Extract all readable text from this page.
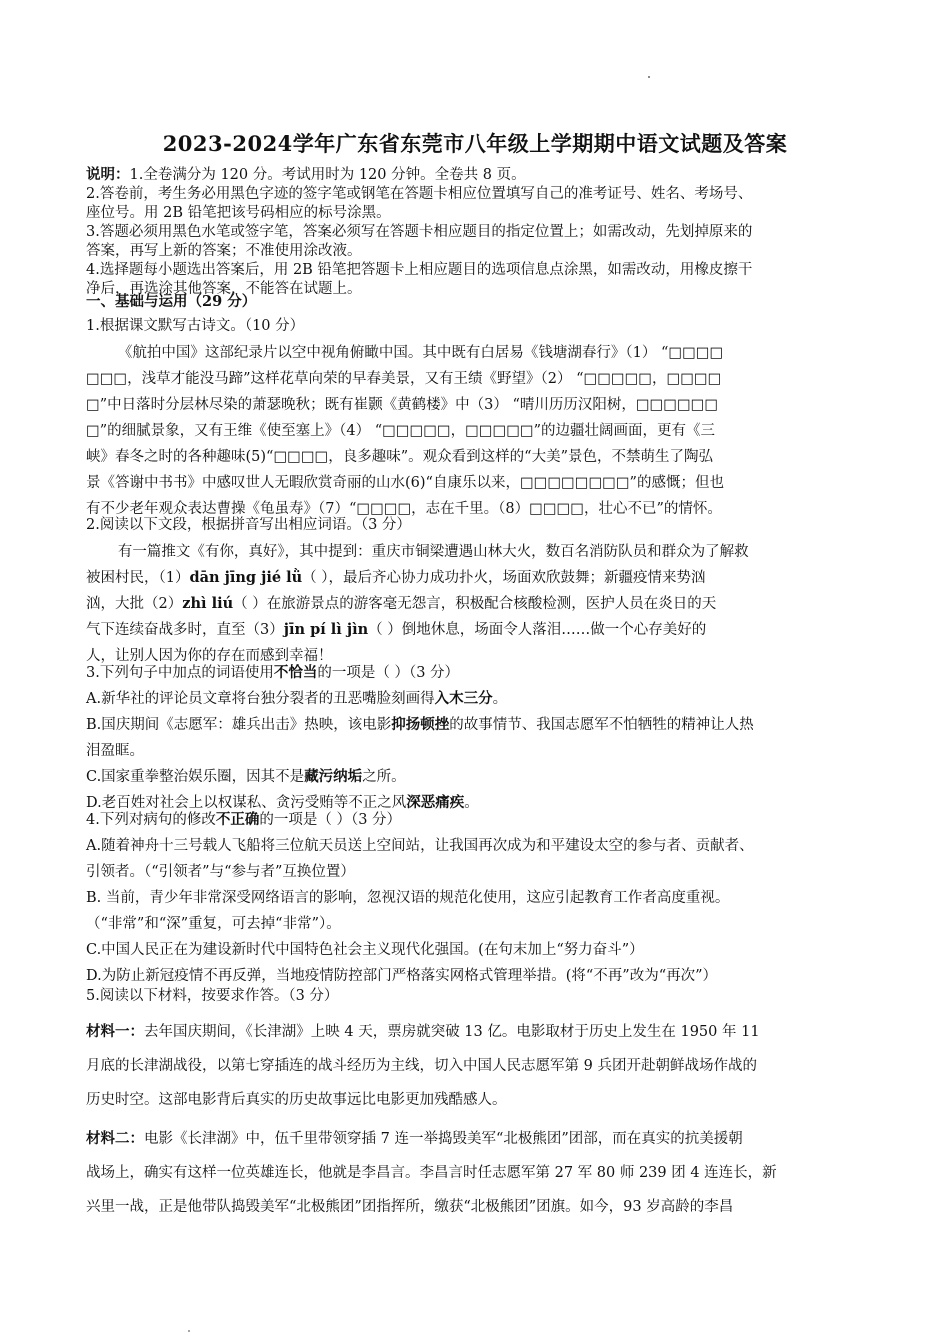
2023-2024学年广东省东莞市八年级上学期期中语文试题及答案
说明：1.全卷满分为 120 分。考试用时为 120 分钟。全卷共 8 页。
2.答卷前，考生务必用黑色字迹的签字笔或钢笔在答题卡相应位置填写自己的准考证号、姓名、考场号、
座位号。用 2B 铅笔把该号码相应的标号涂黑。
3.答题必须用黑色水笔或签字笔，答案必须写在答题卡相应题目的指定位置上；如需改动，先划掉原来的
答案，再写上新的答案；不准使用涂改液。
4.选择题每小题选出答案后，用 2B 铅笔把答题卡上相应题目的选项信息点涂黑，如需改动，用橡皮擦干
净后，再选涂其他答案，不能答在试题上。
一、基础与运用（29 分）
1.根据课文默写古诗文。（10 分）
《航拍中国》这部纪录片以空中视角俯瞰中国。其中既有白居易《钱塘湖春行》（1） “□□□□
□□□，浅草才能没马蹄”这样花草向荣的早春美景，又有王绩《野望》（2） “□□□□□，□□□□
□”中日落时分层林尽染的萧瑟晚秋；既有崔颢《黄鹤楼》中（3） “晴川历历汉阳树，□□□□□□
□”的细腻景象，又有王维《使至塞上》（4） “□□□□□，□□□□□”的边疆壮阔画面，更有《三
峡》春冬之时的各种趣味(5)“□□□□，良多趣味”。观众看到这样的“大美”景色，不禁萌生了陶弘
景《答谢中书书》中感叹世人无暇欣赏奇丽的山水(6)“自康乐以来，□□□□□□□□”的感慨；但也
有不少老年观众表达曹操《龟虽寿》（7）“□□□□，志在千里。（8）□□□□，壮心不已”的情怀。
2.阅读以下文段，根据拼音写出相应词语。（3 分）
有一篇推文《有你，真好》，其中提到：重庆市铜梁遭遇山林大火，数百名消防队员和群众为了解救
被困村民，（1）dān jīng jié lǜ（ ），最后齐心协力成功扑火，场面欢欣鼓舞；新疆疫情来势汹
汹，大批（2）zhì liú（ ）在旅游景点的游客毫无怨言，积极配合核酸检测，医护人员在炎日的天
气下连续奋战多时，直至（3）jīn pí lì jìn（ ）倒地休息，场面令人落泪……做一个心存美好的
人，让别人因为你的存在而感到幸福！
3.下列句子中加点的词语使用不恰当的一项是（ ）（3 分）
A.新华社的评论员文章将台独分裂者的丑恶嘴脸刻画得入木三分。
B.国庆期间《志愿军：雄兵出击》热映，该电影抑扬顿挫的故事情节、我国志愿军不怕牺牲的精神让人热
泪盈眶。
C.国家重拳整治娱乐圈，因其不是藏污纳垢之所。
D.老百姓对社会上以权谋私、贪污受贿等不正之风深恶痛疾。
4.下列对病句的修改不正确的一项是（ ）（3 分）
A.随着神舟十三号载人飞船将三位航天员送上空间站，让我国再次成为和平建设太空的参与者、贡献者、
引领者。（“引领者”与“参与者”互换位置）
B. 当前，青少年非常深受网络语言的影响，忽视汉语的规范化使用，这应引起教育工作者高度重视。
（“非常”和“深”重复，可去掉“非常”）。
C.中国人民正在为建设新时代中国特色社会主义现代化强国。(在句末加上“努力奋斗”）
D.为防止新冠疫情不再反弹，当地疫情防控部门严格落实网格式管理举措。(将“不再”改为“再次”）
5.阅读以下材料，按要求作答。（3 分）
材料一：去年国庆期间，《长津湖》上映 4 天，票房就突破 13 亿。电影取材于历史上发生在 1950 年 11
月底的长津湖战役，以第七穿插连的战斗经历为主线，切入中国人民志愿军第 9 兵团开赴朝鲜战场作战的
历史时空。这部电影背后真实的历史故事远比电影更加残酷感人。
材料二：电影《长津湖》中，伍千里带领穿插 7 连一举捣毁美军“北极熊团”团部，而在真实的抗美援朝
战场上，确实有这样一位英雄连长，他就是李昌言。李昌言时任志愿军第 27 军 80 师 239 团 4 连连长，新
兴里一战，正是他带队捣毁美军“北极熊团”团指挥所，缴获“北极熊团”团旗。如今，93 岁高龄的李昌
